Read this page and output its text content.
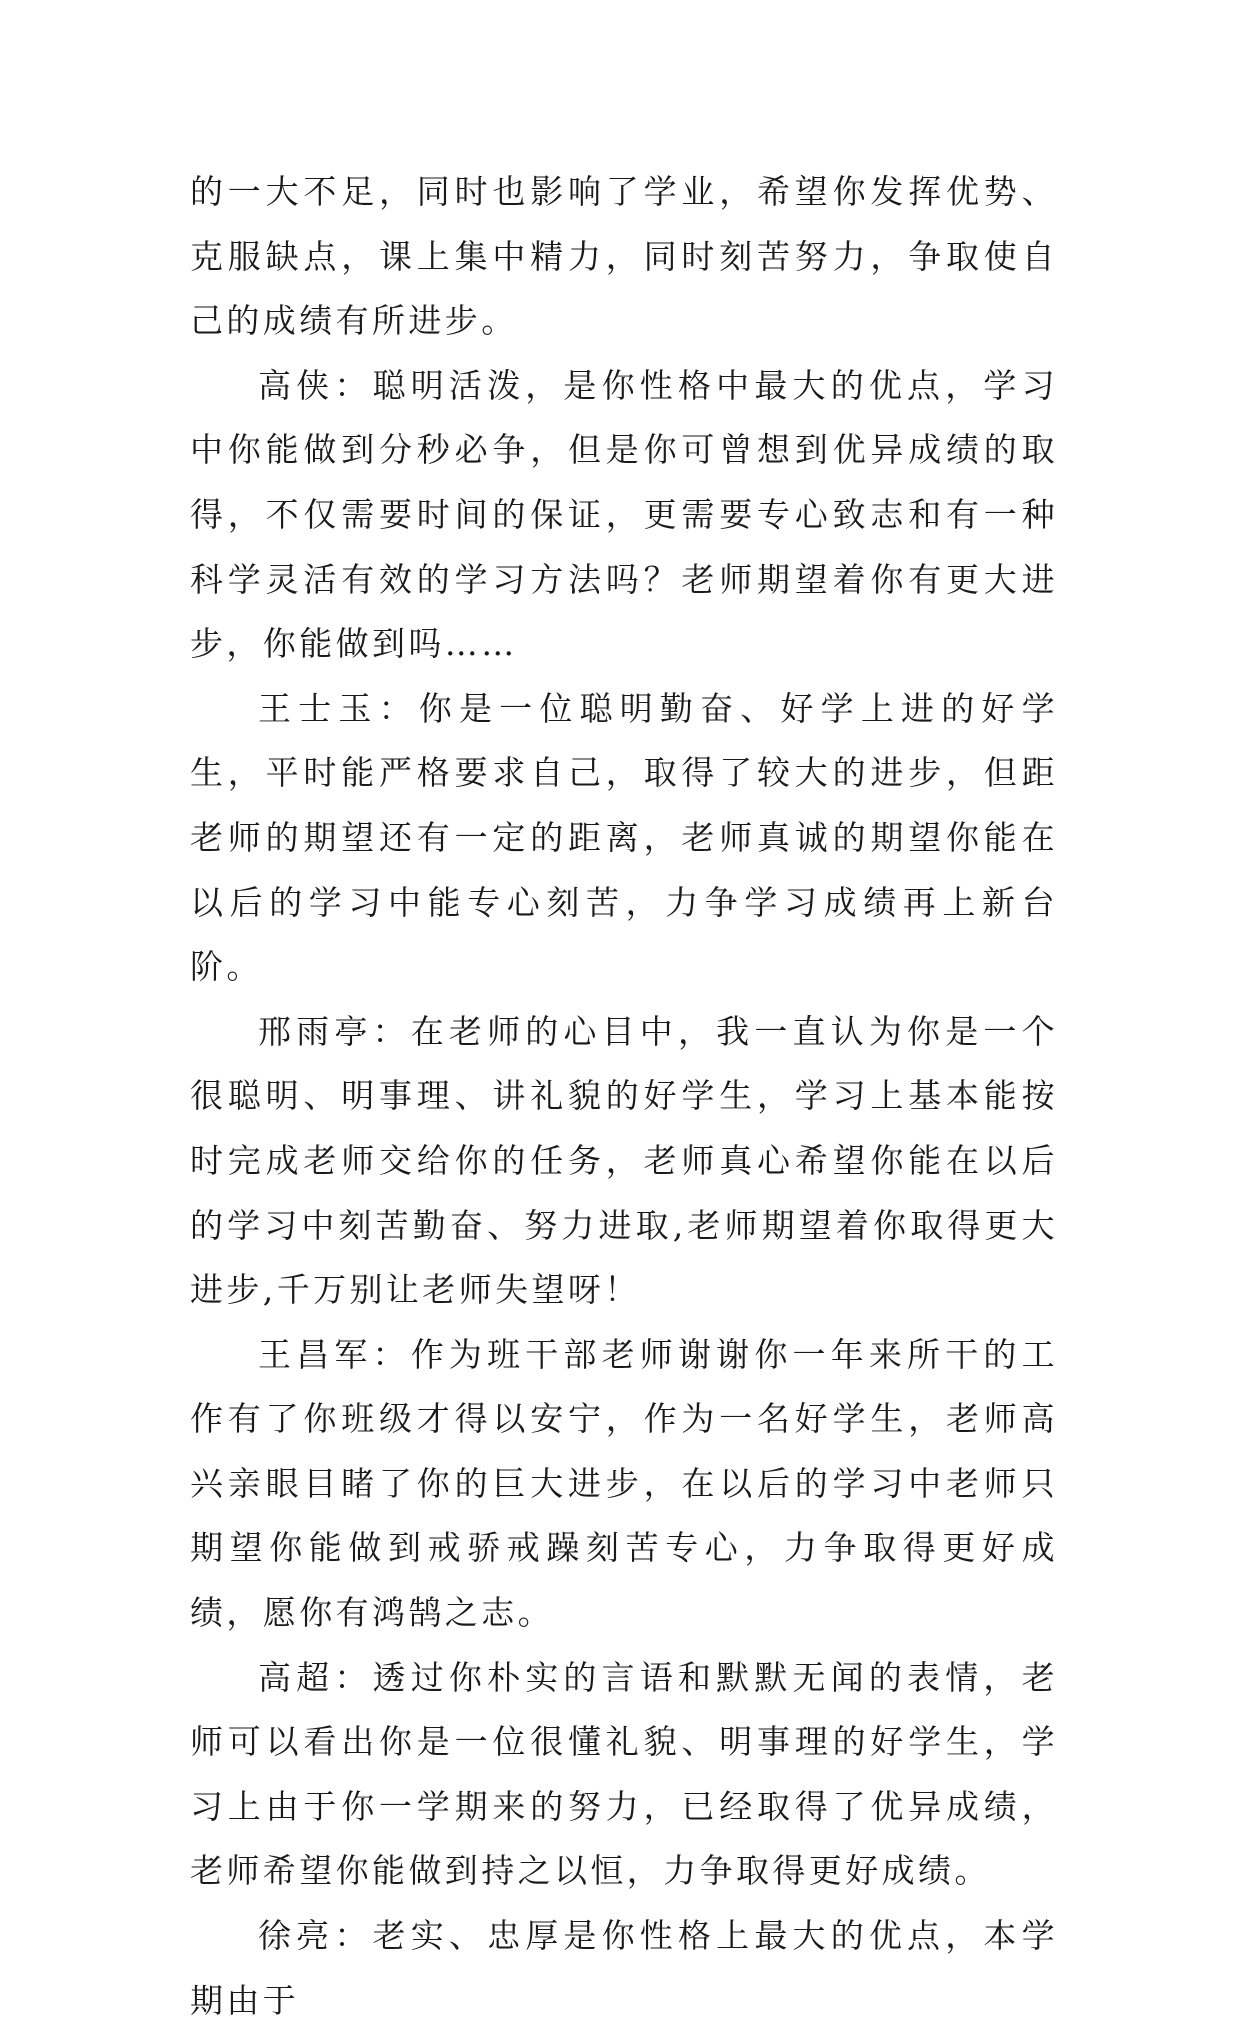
的一大不足，同时也影响了学业，希望你发挥优势、克服缺点，课上集中精力，同时刻苦努力，争取使自己的成绩有所进步。

高侠：聪明活泼，是你性格中最大的优点，学习中你能做到分秒必争，但是你可曾想到优异成绩的取得，不仅需要时间的保证，更需要专心致志和有一种科学灵活有效的学习方法吗？老师期望着你有更大进步，你能做到吗……

王士玉：你是一位聪明勤奋、好学上进的好学生，平时能严格要求自己，取得了较大的进步，但距老师的期望还有一定的距离，老师真诚的期望你能在以后的学习中能专心刻苦，力争学习成绩再上新台阶。

邢雨亭：在老师的心目中，我一直认为你是一个很聪明、明事理、讲礼貌的好学生，学习上基本能按时完成老师交给你的任务，老师真心希望你能在以后的学习中刻苦勤奋、努力进取,老师期望着你取得更大进步,千万别让老师失望呀！

王昌军：作为班干部老师谢谢你一年来所干的工作有了你班级才得以安宁，作为一名好学生，老师高兴亲眼目睹了你的巨大进步，在以后的学习中老师只期望你能做到戒骄戒躁刻苦专心，力争取得更好成绩，愿你有鸿鹄之志。

高超：透过你朴实的言语和默默无闻的表情，老师可以看出你是一位很懂礼貌、明事理的好学生，学习上由于你一学期来的努力，已经取得了优异成绩，老师希望你能做到持之以恒，力争取得更好成绩。

徐亮：老实、忠厚是你性格上最大的优点，本学期由于
